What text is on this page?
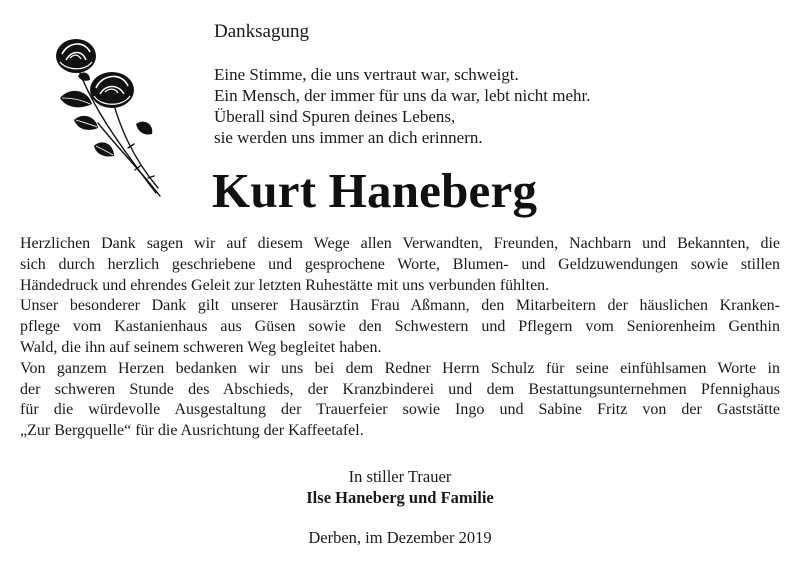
Danksagung

Eine Stimme, die uns vertraut war, schweigt.
Ein Mensch, der immer für uns da war, lebt nicht mehr.
Überall sind Spuren deines Lebens,
sie werden uns immer an dich erinnern.

Kurt Haneberg
Herzlichen Dank sagen wir auf diesem Wege allen Verwandten, Freunden, Nachbarn und Bekannten, die
sich durch herzlich geschriebene und gesprochene Worte, Blumen- und Geldzuwendungen sowie stillen
Händedruck und ehrendes Geleit zur letzten Ruhestätte mit uns verbunden fühlten.
Unser besonderer Dank gilt unserer Hausärztin Frau Aßmann, den Mitarbeitern der häuslichen Kranken-
pflege vom Kastanienhaus aus Güsen sowie den Schwestern und Pflegern vom Seniorenheim Genthin
Wald, die ihn auf seinem schweren Weg begleitet haben.
Von ganzem Herzen bedanken wir uns bei dem Redner Herrn Schulz für seine einfühlsamen Worte in
der schweren Stunde des Abschieds, der Kranzbinderei und dem Bestattungsunternehmen Pfennighaus
für die würdevolle Ausgestaltung der Trauerfeier sowie Ingo und Sabine Fritz von der Gaststätte
„Zur Bergquelle“ für die Ausrichtung der Kaffeetafel.
In stiller Trauer
Ilse Haneberg und Familie
Derben, im Dezember 2019
